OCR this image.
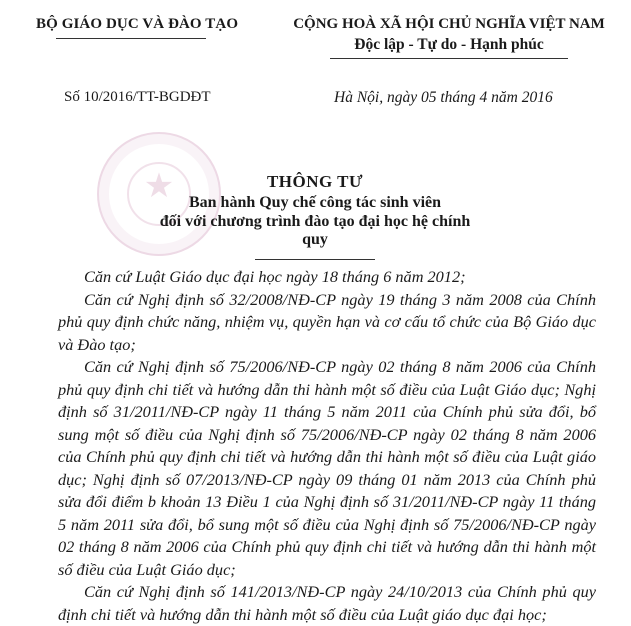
BỘ GIÁO DỤC VÀ ĐÀO TẠO	CỘNG HOÀ XÃ HỘI CHỦ NGHĨA VIỆT NAM
Độc lập - Tự do - Hạnh phúc
Số 10/2016/TT-BGDĐT	Hà Nội, ngày 05 tháng 4 năm 2016
★	THÔNG TƯ
Ban hành Quy chế công tác sinh viên
đối với chương trình đào tạo đại học hệ chính quy

Căn cứ Luật Giáo dục đại học ngày 18 tháng 6 năm 2012;

Căn cứ Nghị định số 32/2008/NĐ-CP ngày 19 tháng 3 năm 2008 của Chính phủ quy định chức năng, nhiệm vụ, quyền hạn và cơ cấu tổ chức của Bộ Giáo dục và Đào tạo;

Căn cứ Nghị định số 75/2006/NĐ-CP ngày 02 tháng 8 năm 2006 của Chính phủ quy định chi tiết và hướng dẫn thi hành một số điều của Luật Giáo dục; Nghị định số 31/2011/NĐ-CP ngày 11 tháng 5 năm 2011 của Chính phủ sửa đổi, bổ sung một số điều của Nghị định số 75/2006/NĐ-CP ngày 02 tháng 8 năm 2006 của Chính phủ quy định chi tiết và hướng dẫn thi hành một số điều của Luật giáo dục; Nghị định số 07/2013/NĐ-CP ngày 09 tháng 01 năm 2013 của Chính phủ sửa đổi điểm b khoản 13 Điều 1 của Nghị định số 31/2011/NĐ-CP ngày 11 tháng 5 năm 2011 sửa đổi, bổ sung một số điều của Nghị định số 75/2006/NĐ-CP ngày 02 tháng 8 năm 2006 của Chính phủ quy định chi tiết và hướng dẫn thi hành một số điều của Luật Giáo dục;

Căn cứ Nghị định số 141/2013/NĐ-CP ngày 24/10/2013 của Chính phủ quy định chi tiết và hướng dẫn thi hành một số điều của Luật giáo dục đại học;
